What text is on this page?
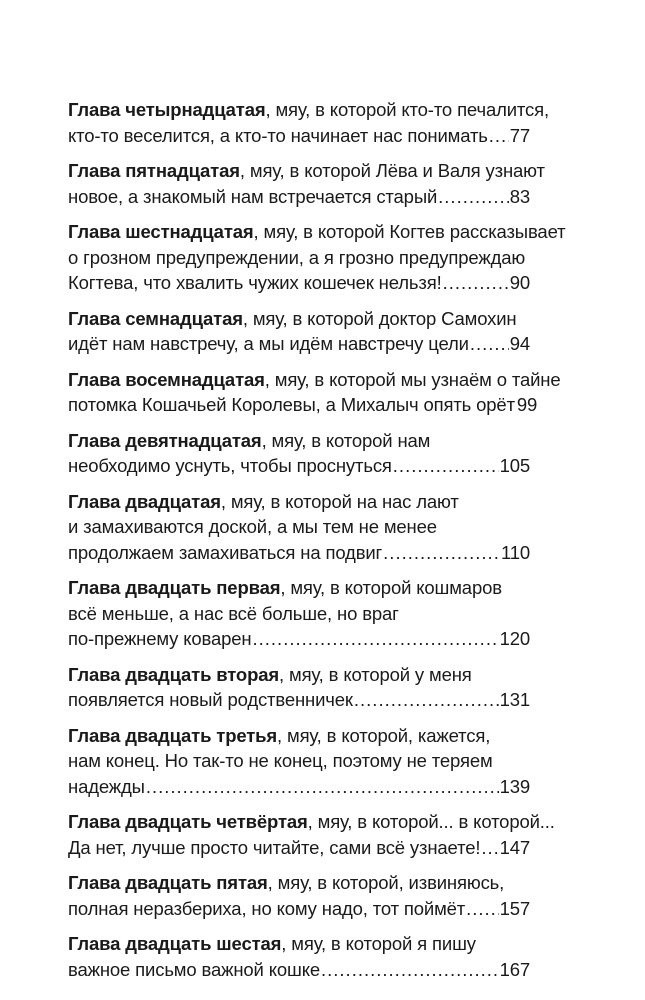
Глава четырнадцатая, мяу, в которой кто-то печалится,
кто-то веселится, а кто-то начинает нас понимать ..... 77
Глава пятнадцатая, мяу, в которой Лёва и Валя узнают
новое, а знакомый нам встречается старый .....	83
Глава шестнадцатая, мяу, в которой Когтев рассказывает
о грозном предупреждении, а я грозно предупреждаю
Когтева, что хвалить чужих кошечек нельзя! .....	90
Глава семнадцатая, мяу, в которой доктор Самохин
идёт нам навстречу, а мы идём навстречу цели ..... 94
Глава восемнадцатая, мяу, в которой мы узнаём о тайне
потомка Кошачьей Королевы, а Михалыч опять орёт 99
Глава девятнадцатая, мяу, в которой нам
необходимо уснуть, чтобы проснуться .....	105
Глава двадцатая, мяу, в которой на нас лают
и замахиваются доской, а мы тем не менее
продолжаем замахиваться на подвиг .....	110
Глава двадцать первая, мяу, в которой кошмаров
всё меньше, а нас всё больше, но враг
по-прежнему коварен .....	120
Глава двадцать вторая, мяу, в которой у меня
появляется новый родственничек .....	131
Глава двадцать третья, мяу, в которой, кажется,
нам конец. Но так-то не конец, поэтому не теряем
надежды .....	139
Глава двадцать четвёртая, мяу, в которой... в которой...
Да нет, лучше просто читайте, сами всё узнаете! ..... 147
Глава двадцать пятая, мяу, в которой, извиняюсь,
полная неразбериха, но кому надо, тот поймёт ..... 157
Глава двадцать шестая, мяу, в которой я пишу
важное письмо важной кошке .....	167
